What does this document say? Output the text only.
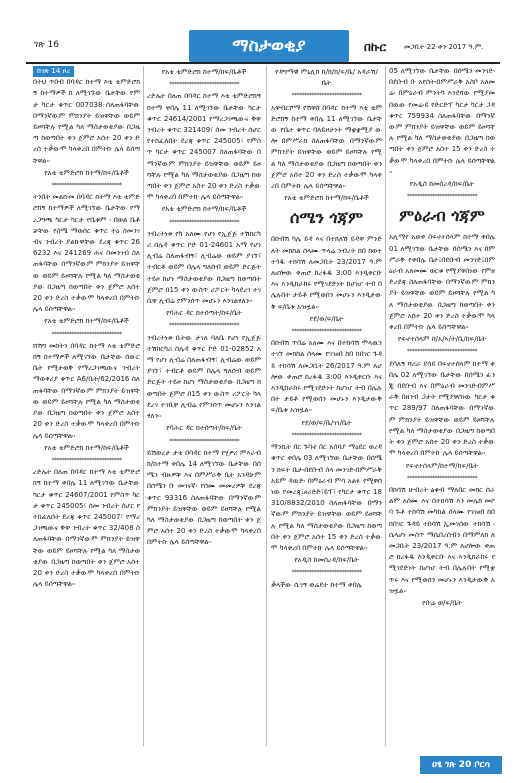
ገጽ 16	ማስታወቂያ	በኩር	መጋቢት 22 ቀን 2017 ዓ.ም.
ከገጽ 14 ዞረ

በትህ ጥበብ በባዳር ከተማ እቴ ቴምድሮክኝ ከተማዎች ከ ለሚገኙው ቤታቸው የምታ ካርታ ቁጥር 007038 ስለጠፋባቸው በማንኛውም ምክንያት ይዝዋቸው ወይም ይዞሻቸሉ የሚል ካለ ማስታወቂያው በጋዜጣ ከወጣበት ቀን ጀምሮ አሰተ 20 ቀን ድረስ ተቃውሞ ካላቀረበ በምትኩ ሌላ ይሰጣቸዋል፡፡

የአቴ ቴምድሮክ ከተማ/ከፍ/ቤቶች
****************************

ትንበት መልኩመ በባዳር ከተማ እቴ ቴምድሮክኝ ከተማዎች ለሚገኘው ቤታቸው የማረጋግጫ ካርታ ካርታ የቤቱም ፡ በወል ቤቶቻቸው የስሜ ማወሰር ቁጥር ትዕ ስመንገብና ንብረት ያልኩዋቸው ደረጃ ቁጥር 266232 እና 241269 ሕና ስመንገብ ስለጠፋባቸው በማንኛውም ምክንያት ይዝዋቸው ወይም ይዞሻቸሉ የሚል ካለ ማስታወቂያው በጋዜጣ ከወጣበት ቀን ጀምሮ አሰተ 20 ቀን ድረስ ተቃውሞ ካላቀረበ በምትኩ ሌላ ይሰጣቸዋል፡፡

የአቴ ቴምድሮክ ከተማ/ከፍ/ቤቶች
****************************

ሸሽግ መከትን በባዳር ከተማ እቴ ቴምድሮክኝ ከተማዎች ለሚገኘው ቤታቸው ሰውር ቤት የሚታወቅ የማረጋገጫውና ንብረት ማወቀሪያ ቁጥር A6/ቤት/62/2016 ስለጠፋባቸው በማንኛውም ምክንያት ይዝዋቸው ወይም ይዞሻቸሉ የሚል ካለ ማስታወቂያው በጋዜጣ ከወጣበት ቀን ጀምሮ አሰተ 20 ቀን ድረስ ተቃውሞ ካላቀረበ በምትኩ ሌላ ይሰጣቸዋል፡፡

የአቴ ቴምድሮክ ከተማ/ከፍ/ቤቶች
****************************

ረድኤት በለጠ በባዳር ከተማ እቴ ቴምድሮክኝ ከተማ ቀበሌ 11 ለሚገኘው ቤታቸው ካርታ ቁጥር 24607/2001 የምስጥ ካርታ ቁጥር 245005፣ ሰመ ንብረት ሰሆር የተከፈለበት ደረጃ ቁጥር 245007፣ የማረጋገጫውና ቅዋ ንብረት ቁጥር 32/408 ስለጠፋባቸው በማንኛውም ምክንያት ይዝዋቸው ወይም ይዞሻቸሉ የሚል ካለ ማስታወቂያው በጋዜጣ ከወጣበት ቀን ጀምሮ አሰተ 20 ቀን ድረስ ተቃውሞ ካላቀረበ በምትኩ ሌላ ይሰጣቸዋል፡፡

የአቴ ቴምድሮክ ከተማ/ከፍ/ቤቶች
****************************

ረድኤት በለጠ በባዳር ከተማ እቴ ቴምድሮክኝ ከተማ ቀበሌ 11 ለሚገኘው ቤታቸው ካርታ ቁጥር 24614/2001 የማረጋገጫውና ቅዋ ንብረት ቁጥር 321409፣ ሰመ ንብረት ሰሆር የተከፈለበት ደረጃ ቁጥር 245005፣ የምስጥ ካርታ ቁጥር 245007 ስለጠፋባቸው በማንኛውም ምክንያት ይዝዋቸው ወይም ይዞሻቸሉ የሚል ካለ ማስታወቂያው በጋዜጣ ከወጣበት ቀን ጀምሮ አሰተ 20 ቀን ድረስ ተቃውሞ ካላቀረበ በምትኩ ሌላ ይሰጣቸዋል፡፡

የአቴ ቴምድሮክ ከተማ/ከፍ/ቤቶች
****************************

ንብረትነቱ የካ አለሙ የሆነ የኢጀጅ ተሽከርካሪ ሰሌዳ ቁጥር ኮድ 01-24601 አማ የሆነ ሊብሬ ስለጠፋብኝ፣ ሊብሬው ወይም ያገኘ፣ ተብርቶ ወይም በሌላ ግለሰብ ወይም ድርጅት ተይዞ ከሆነ ማስታወቂያው በጋዜጣ ከወጣበት ጀምሮ በ15 ቀን ውስጥ ሪፖርት ካላደረገ ተገቢዋ ሊብሬ የምንሰጥ መሆኑን እንገልፃለን፡፡

የባሕር ዳር ከተሰጣት/ከፍ/ቤት
****************************

ንብረትነቱ ቢትው ታገለ ባለቤ የሆነ የኢጀጅ ተሽከርካሪ ሰሌዳ ቁጥር ኮድ 01-02852 አማ የሆነ ሊብሬ ስለጠፋብኝ፣ ሊብሬው ወይም ያገኘ፣ ተብርቶ ወይም በሌላ ግለሰብ ወይም ድርጅት ተይዞ ከሆነ ማስታወቂያው በጋዜጣ ከወጣበት ጀምሮ በ15 ቀን ውስጥ ሪፖርት ካላደረገ ተገቢዋ ሊብሬ የምንሰጥ መሆኑን እንገልፃለን፡፡

የባሕር ዳር ከተሰጣት/ከፍ/ቤት
****************************

ይሽወረታ ታቴ በባዳር ከተማ የሂዎሪ ምእራብ ክ/ከተማ ቀበሌ 14 ለሚገኘው ቤታቸው በሰሜን ብዙዎቹ እና በምሥራቅ ቤት አንዳሁም በሰሜን ቡ መገናኛ፡ የሰሙ መመረዎቹ ደረጃ ቁጥር 93316 ስለጠፋባቸው በማንኛውም ምክንያት ይዝዋቸው ወይም ይዞሻቸሉ የሚል ካለ ማስታወቂያው በጋዜጣ ከወጣበት ቀን ጀምሮ አሰተ 20 ቀን ድረስ ተቃውሞ ካላቀረበ በምትኩ ሌላ ይሰጣቸዋል፡፡

የዳግማዊ ምኒሊክ ከ/ክ/ከ/ፍ/ቤ/ አዳራሽ/ቤት
****************************

አዋብርሾማ የሽዋስ በባዳር ከተማ እቴ ቴምድሮክኝ ከተማ ቀበሌ 11 ለሚገኘው ቤታቸው የቤተ ቁጥር ባለይዞታነት ማቋቋሚያ ውሎ በምሥራክ ስለጠፋባቸው በማንኛውም ምክንያት ይዝዋቸው ወይም ይዞሻቸሉ የሚል ካለ ማስታወቂያው በጋዜጣ ከወጣበት ቀን ጀምሮ አሰተ 20 ቀን ድረስ ተቃውሞ ካላቀረበ በምትኩ ሌላ ይሰጣቸዋል፡፡

የአቴ ቴምድሮክ ከተማ/ከፍ/ቤቶች
ሰሜን ጎጃም

በከብሽ ካሌ ይዳ እና በተክለሽ ይዳዋ ምንድለት መክከል ሰላሙ ጥላሬ ንብረት ከበ ከወተ ተጎዱ ተከሳሽ ለመጋቢት 23/2017 ዓ.ም ለሆሎው ቀጠሮ ከረፋዱ 3:00 እንዲቀርቡ እና እንዲከራከሩ የሚገደድነት ከሆነሆ ትብ በሌሉበት ታይቶ የሚወሰን መሆኑን እንዲታውቅ ፍ/ቤቱ አዝዟል፡፡

የደ/ወ/ፍ/ቤት
****************************

በከብሽ ጥበሬ አለሙ እና በተከሳሽ ሞላዉን ተገኘ መክከል ሰላሙ የገገፀበ ከበ ከበገር ጉዳይ ተከሳሽ ለመጋቢት 26/2017 ዓ.ም ለሆሎው ቀጠሮ ከረፋዱ 3:00 እንዲቀርቡ እና እንዲከራከሩ የሚገደድነት ከሆነሆ ትብ በሌሉበት ታይቶ የሚወሰን መሆኑን እንዲታውቅ ፍ/ቤቱ አዝዟል፡፡

የደ/ወ/ፍ/ቤ/ገገ/ቤት
****************************

ማንኪት በር ጉባኖ በር አሰባያ ማዕደር ወረዳ ቁጥር ቀበሌ 03 ለሚገኘው ቤታቸው በሰሜን ክፍት ቤታ፡በደቡብ ሰላ መንገድ፡በምሥራቅ አይም ዳዉድ፡ በምዕራብ ምሳ አልፉ የሚዋሰነው የመረጃ፤ፀሪድድ፣ይፕ፣ የካርታ ቁጥር 18310/8832/2010 ስለጠፋባቸው በማንኛውም ምክንያት ይዝዋቸው ወይም ይዞሻቸሉ የሚል ካለ ማስታወቂያው በጋዜጣ ከወጣበት ቀን ጀምሮ አሰተ 15 ቀን ድረስ ተቃውሞ ካላቀረበ በምትኩ ሌላ ይሰጣቸዋል፡፡

የአዲስ ከመሰረዳ/ከፍ/ቤት
****************************

ቃላችው ሲገኝ ወሬዴት ከተማ ቀበሌ

05 ለሚገኘው ቤታቸው በሰሜን መንገድ፡በደቡብ ቡ አየሰት፡በምሥራቅ አስቦ አለመሬ፡ በምዕራብ ምንትካ እንደሻው የሚያመበዉው የመሬ፡ይ የድርድፕ ካርታ ካርታ ጋዳ ቁጥር 759934 ስለጠፋባቸው በማንኛውም ምክንያት ይዝዋቸው ወይም ይዞሻቸሉ የሚል ካለ ማስታወቂያው በጋዜጣ ከወጣበት ቀን ጀምሮ አሰተ 15 ቀን ድረስ ተቃውሞ ካላቀረበ በምትኩ ሌላ ይሰጣቸዋል፡፡

የአዲስ ከመሰረዳ/ከፍ/ቤት
****************************
ምዕራብ ጎጃም

አሊማየ አወቀ በፍኖተሰላም ከተማ ቀበሌ 01 ለሚገኘው ቤታቸው በሰሜን እና በምሥራቅ የቀበሌ ቤት፤በደቡብ መንገድ፤በምዕራብ አለመሙ ወርቁ የሚያዋስነው የምዘ ድረደጃ ስለጠፋባቸው በማንኛውም ምክንያት ይዝዋቸው ወይም ይዞሻቸሉ የሚል ካለ ማስታወቂያው በጋዜጣ ከወጣበት ቀን ጀምሮ አሰተ 20 ቀን ድረስ ተቃውሞ ካላቀረበ በምትኩ ሌላ ይሰጣቸዋል፡፡

የፍኖተሰላም ከ/አ/ኣ/ት/ቤ/ከፍ/ቤት
****************************

ደሳለኝ ሻሪራ ደሳይ በፍኖተሰላም ከተማ ቀበሌ 02 ለሚገኘው ቤታቸው በሰሜን ፊንጂ በደቡብ እና በምዕራብ መንገድ፡በምሥራቅ በዘንብ ጋታት የሚያዋስነው ካርታ ቁጥር 289/97 ስለጠፋባቸው በማንኛውም ምክንያት ይዝዋቸው ወይም ይዞሻቸሉ የሚል ካለ ማስታወቂያው በጋዜጣ ከወጣበት ቀን ጀምሮ አሰተ 20 ቀን ድረስ ተቃውሞ ካላቀረበ በምትኩ ሌላ ይሰጣቸዋል፡፡

የፍኖተሰላም/ከተማ/ከፍ/ቤት
****************************

በከሳሽ ሁብረት ፅቁብ ማለበር መክር ሰራልም አሰሙ እና በተከሳሽ እን መሌክ መኮባ ጉቶ ተከሳሽ መካከል ሰላሙ የገገፀበ ከበ ከበገር ጉዳይ ተከሳሽ ኢመገሰው ተከሳሽ ፡ሴላሆነ መስጥ ማሴበረሰብን በማምለክ ለመጋቢት 23/2017 ዓ.ም ለሆሎው ቀጠሮ ከረፋዱ እንዲቀርቡ እና እንዲከራከሩ የሚገደድነት ከሆነሆ ትብ በሌሉበት የሚቋጥሩ እና የሚወሰን መሆኑን እንዲታውቅ አዝዟል፡፡

የቡሬ ወ/ፍ/ቤት
ዐፄ ገጽ 20 ቦርሳ
